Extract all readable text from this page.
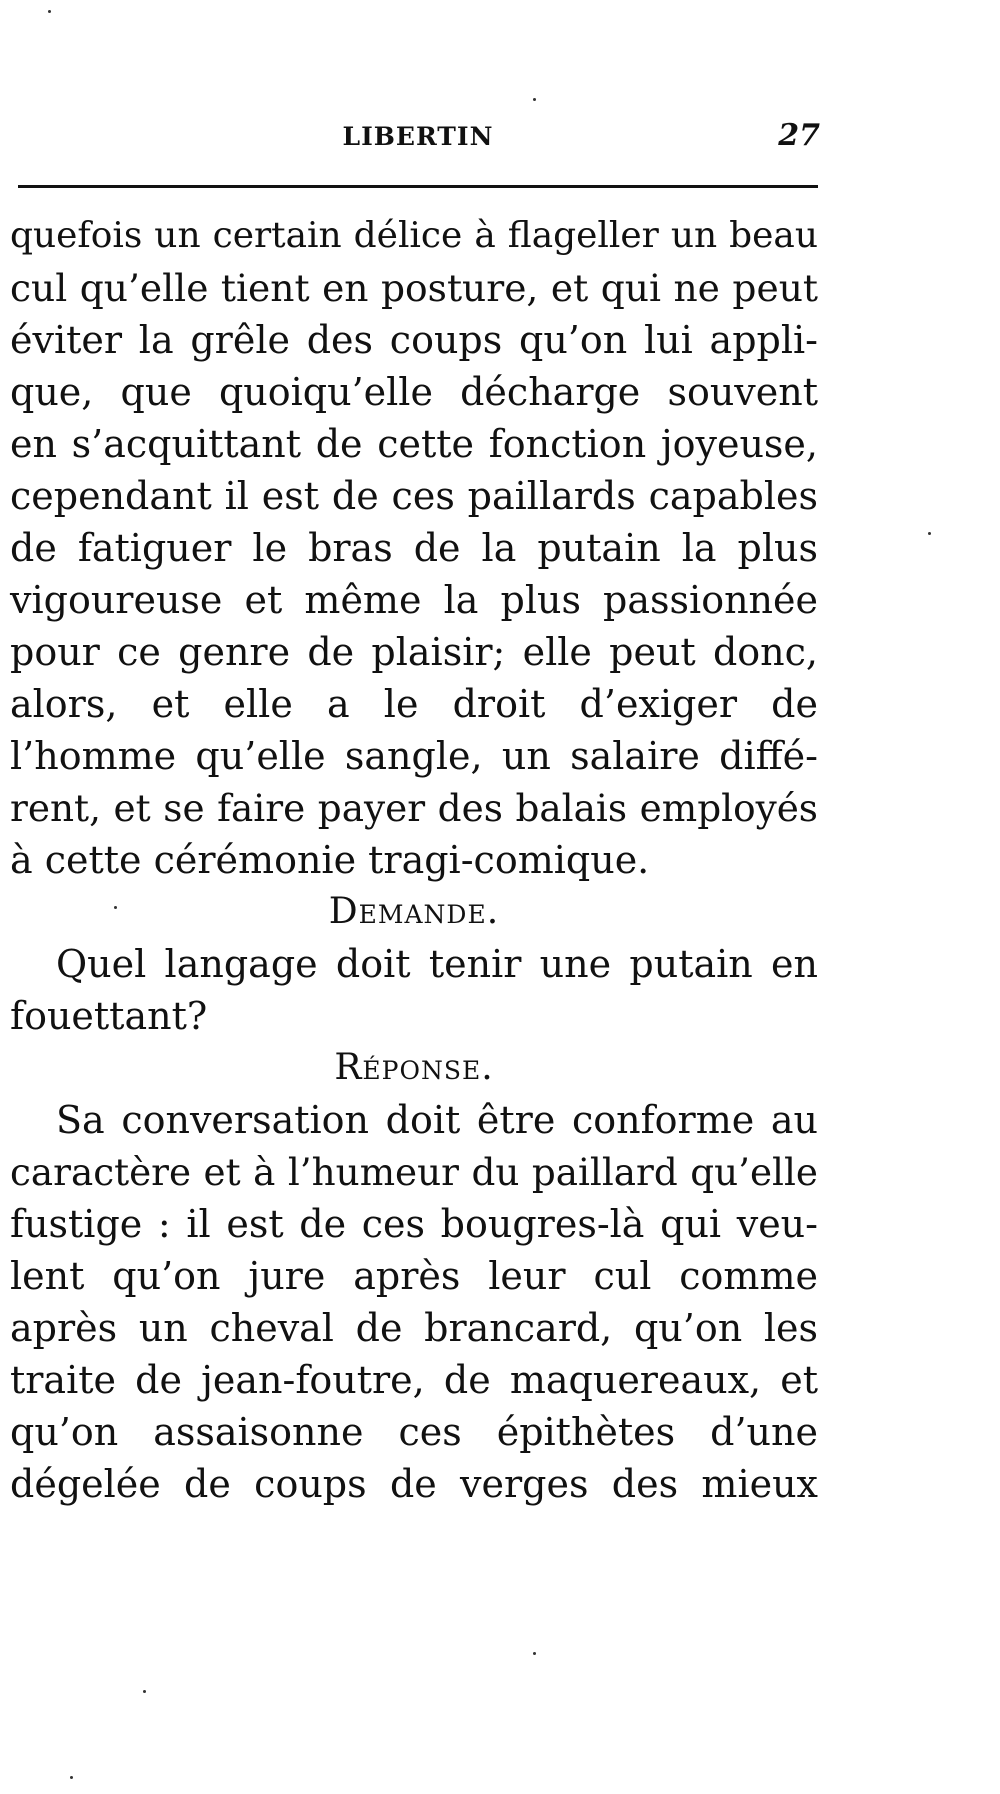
LIBERTIN	27
quefois un certain délice à flageller un beau
cul qu’elle tient en posture, et qui ne peut
éviter la grêle des coups qu’on lui appli-
que, que quoiqu’elle décharge souvent
en s’acquittant de cette fonction joyeuse,
cependant il est de ces paillards capables
de fatiguer le bras de la putain la plus
vigoureuse et même la plus passionnée
pour ce genre de plaisir; elle peut donc,
alors, et elle a le droit d’exiger de
l’homme qu’elle sangle, un salaire diffé-
rent, et se faire payer des balais employés
à cette cérémonie tragi-comique.
Demande.
Quel langage doit tenir une putain en
fouettant?
Réponse.
Sa conversation doit être conforme au
caractère et à l’humeur du paillard qu’elle
fustige : il est de ces bougres-là qui veu-
lent qu’on jure après leur cul comme
après un cheval de brancard, qu’on les
traite de jean-foutre, de maquereaux, et
qu’on assaisonne ces épithètes d’une
dégelée de coups de verges des mieux
